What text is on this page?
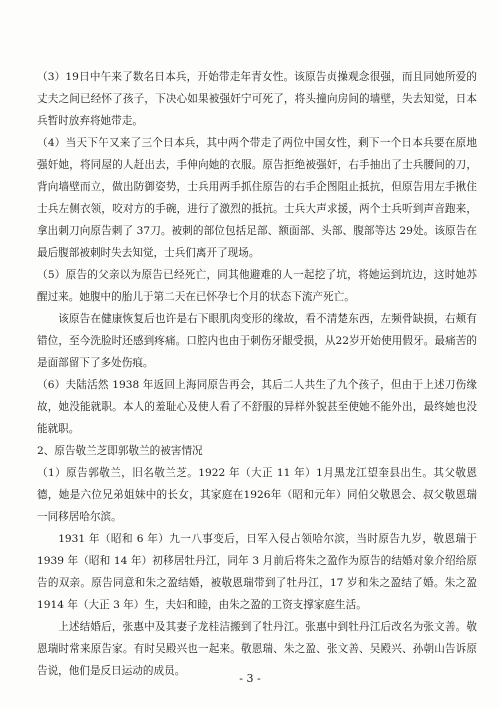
（3）19日中午来了数名日本兵，开始带走年青女性。该原告贞操观念很强，而且同她所爱的丈夫之间已经怀了孩子，下决心如果被强奸宁可死了，将头撞向房间的墙壁，失去知觉，日本兵暂时放弃将她带走。

（4）当天下午又来了三个日本兵，其中两个带走了两位中国女性，剩下一个日本兵要在原地强奸她，将同屋的人赶出去，手伸向她的衣服。原告拒绝被强奸，右手抽出了士兵腰间的刀，背向墙壁而立，做出防御姿势，士兵用两手抓住原告的右手企图阻止抵抗，但原告用左手揪住士兵左侧衣领，咬对方的手碗，进行了激烈的抵抗。士兵大声求援，两个士兵听到声音跑来，拿出刺刀向原告刺了 37刀。被刺的部位包括足部、额面部、头部、腹部等达 29处。该原告在最后腹部被刺时失去知觉，士兵们离开了现场。

（5）原告的父亲以为原告已经死亡，同其他避难的人一起挖了坑，将她运到坑边，这时她苏醒过来。她腹中的胎儿于第二天在已怀孕七个月的状态下流产死亡。

该原告在健康恢复后也许是右下眼肌肉变形的缘故，看不清楚东西，左频骨缺损，右颊有错位，至今洗脸时还感到疼痛。口腔内也由于刺伤牙龈受损，从22岁开始使用假牙。最痛苦的是面部留下了多处伤痕。

（6）夫陆活然 1938 年返回上海同原告再会，其后二人共生了九个孩子，但由于上述刀伤缘故，她没能就职。本人的羞耻心及使人看了不舒服的异样外貌甚至使她不能外出，最终她也没能就职。

2、原告敬兰芝即郭敬兰的被害情况

（1）原告郭敬兰，旧名敬兰芝。1922 年（大正 11 年）1月黑龙江望奎县出生。其父敬恩德，她是六位兄弟姐妹中的长女，其家庭在1926年（昭和元年）同伯父敬恩会、叔父敬恩瑞一同移居哈尔滨。

1931 年（昭和 6 年）九一八事变后，日军入侵占领哈尔滨，当时原告九岁，敬恩瑞于 1939 年（昭和 14 年）初移居牡丹江，同年 3 月前后将朱之盈作为原告的结婚对象介绍给原告的双亲。原告同意和朱之盈结婚，被敬恩瑞带到了牡丹江，17 岁和朱之盈结了婚。朱之盈 1914 年（大正 3 年）生，夫妇和睦，由朱之盈的工资支撑家庭生活。

上述结婚后，张惠中及其妻子龙桂洁搬到了牡丹江。张惠中到牡丹江后改名为张文善。敬恩瑞时常来原告家。有时吴殿兴也一起来。敬恩瑞、朱之盈、张文善、吴殿兴、孙朝山告诉原告说，他们是反日运动的成员。

- 3 -
